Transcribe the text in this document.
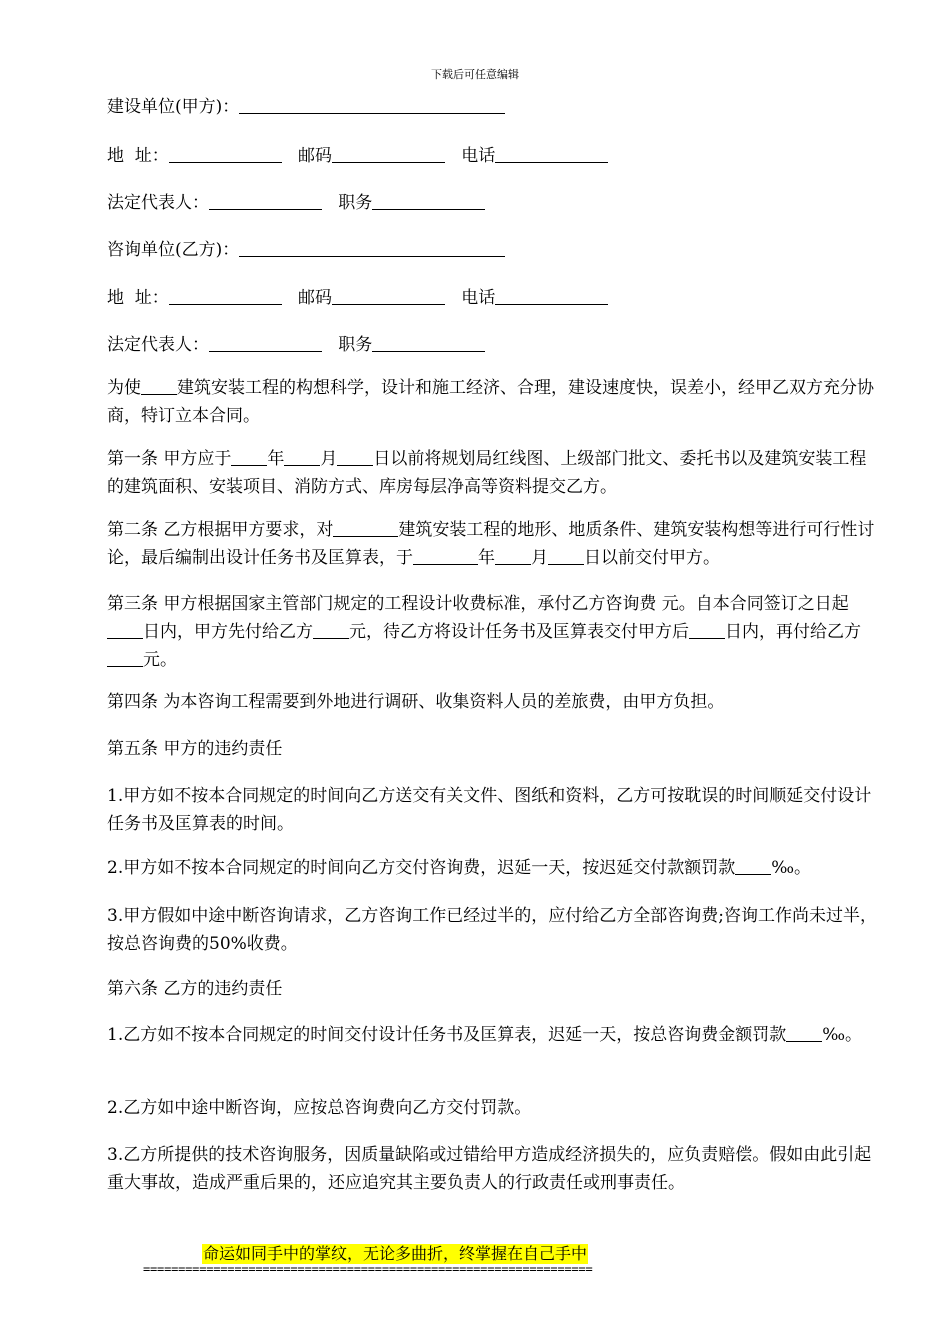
下载后可任意编辑
建设单位(甲方)：
地  址：	邮码	电话
法定代表人：	职务
咨询单位(乙方)：
地  址：	邮码	电话
法定代表人：	职务

为使 建筑安装工程的构想科学，设计和施工经济、合理，建设速度快，误差小，经甲乙双方充分协商，特订立本合同。

第一条 甲方应于 年 月 日以前将规划局红线图、上级部门批文、委托书以及建筑安装工程的建筑面积、安装项目、消防方式、库房每层净高等资料提交乙方。

第二条 乙方根据甲方要求，对	建筑安装工程的地形、地质条件、建筑安装构想等进行可行性讨论，最后编制出设计任务书及匡算表，于	年 月 日以前交付甲方。

第三条 甲方根据国家主管部门规定的工程设计收费标准，承付乙方咨询费 元。自本合同签订之日起日内，甲方先付给乙方 元，待乙方将设计任务书及匡算表交付甲方后 日内，再付给乙方元。

第四条 为本咨询工程需要到外地进行调研、收集资料人员的差旅费，由甲方负担。

第五条 甲方的违约责任

1.甲方如不按本合同规定的时间向乙方送交有关文件、图纸和资料，乙方可按耽误的时间顺延交付设计任务书及匡算表的时间。

2.甲方如不按本合同规定的时间向乙方交付咨询费，迟延一天，按迟延交付款额罚款 ‰。

3.甲方假如中途中断咨询请求，乙方咨询工作已经过半的，应付给乙方全部咨询费;咨询工作尚未过半，按总咨询费的50%收费。

第六条 乙方的违约责任

1.乙方如不按本合同规定的时间交付设计任务书及匡算表，迟延一天，按总咨询费金额罚款 ‰。

2.乙方如中途中断咨询，应按总咨询费向乙方交付罚款。

3.乙方所提供的技术咨询服务，因质量缺陷或过错给甲方造成经济损失的，应负责赔偿。假如由此引起重大事故，造成严重后果的，还应追究其主要负责人的行政责任或刑事责任。

命运如同手中的掌纹，无论多曲折，终掌握在自己手中
================================================================
